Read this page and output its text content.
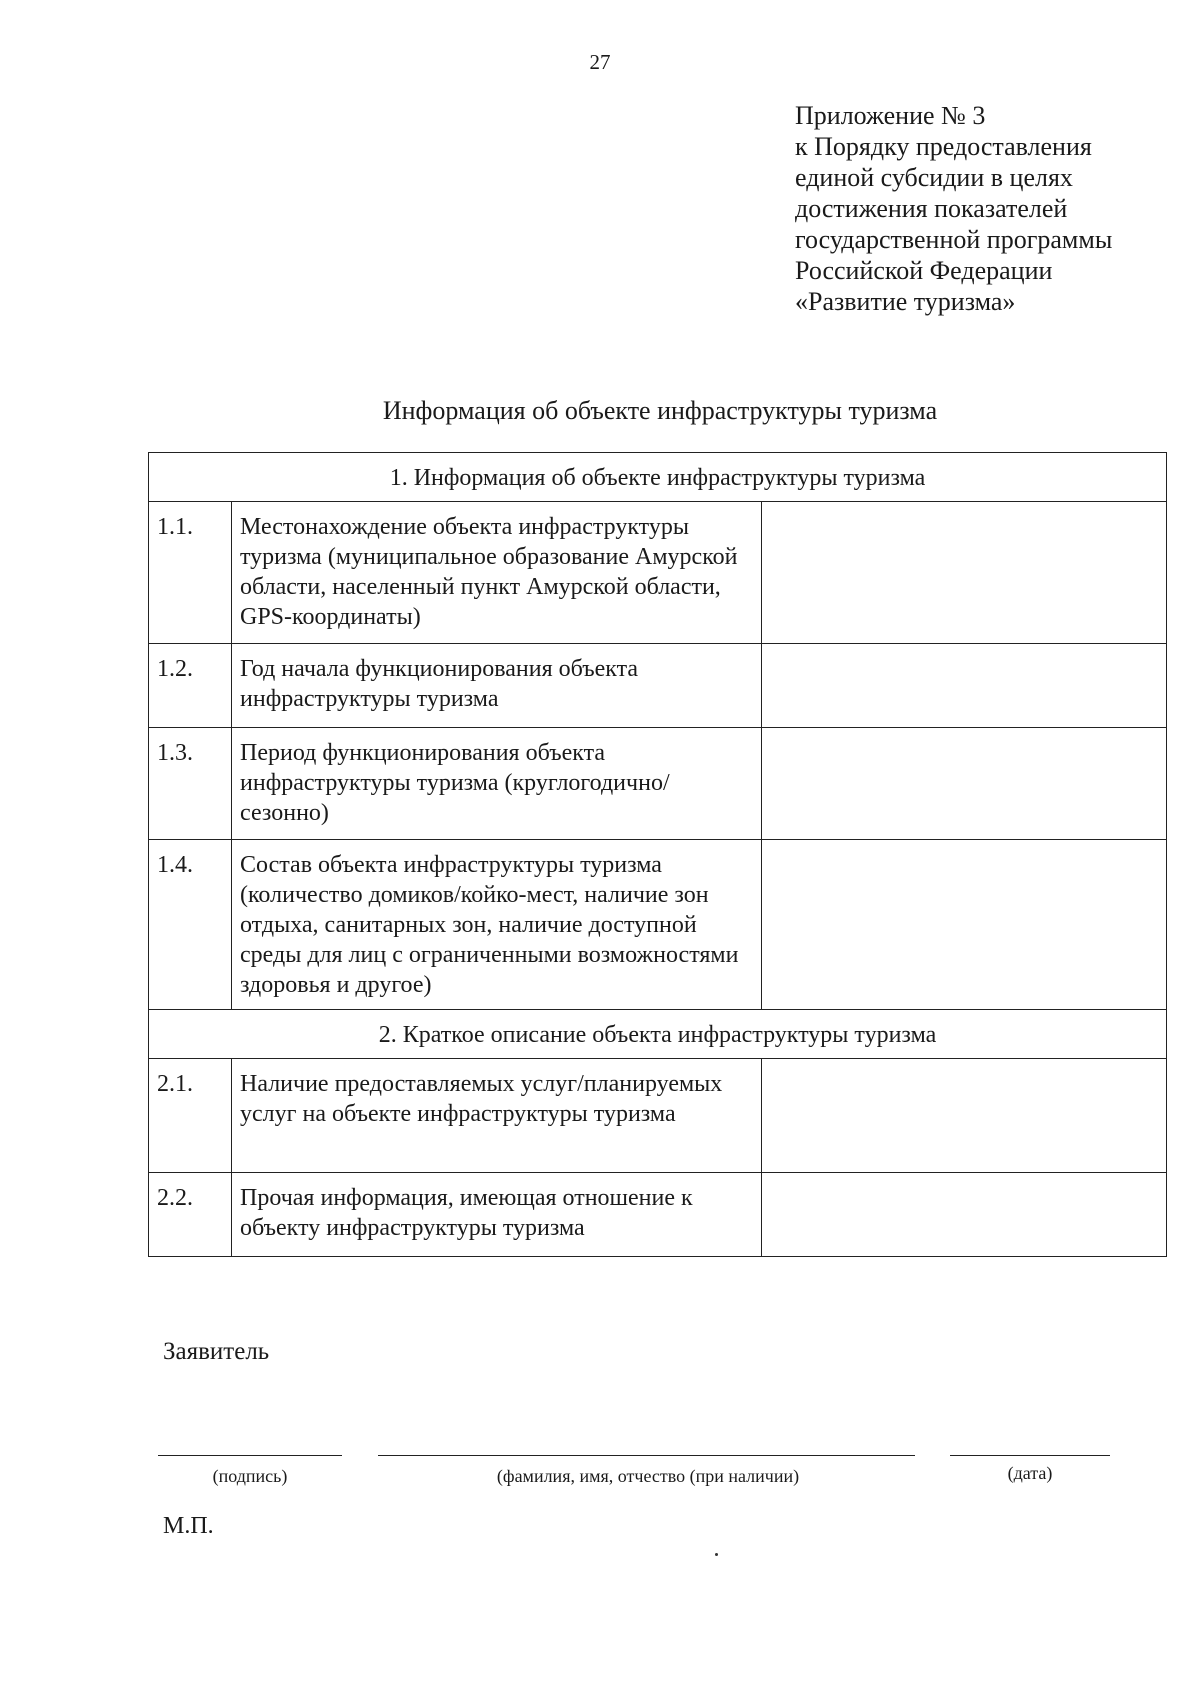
27
Приложение № 3
к Порядку предоставления
единой субсидии в целях
достижения показателей
государственной программы
Российской Федерации
«Развитие туризма»
Информация об объекте инфраструктуры туризма
1. Информация об объекте инфраструктуры туризма		
1.1.	Местонахождение объекта инфраструктуры туризма (муниципальное образование Амурской области, населенный пункт Амурской области, GPS-координаты)	
1.2.	Год начала функционирования объекта инфраструктуры туризма	
1.3.	Период функционирования объекта инфраструктуры туризма (круглогодично/сезонно)	
1.4.	Состав объекта инфраструктуры туризма (количество домиков/койко-мест, наличие зон отдыха, санитарных зон, наличие доступной среды для лиц с ограниченными возможностями здоровья и другое)	
2. Краткое описание объекта инфраструктуры туризма		
2.1.	Наличие предоставляемых услуг/планируемых услуг на объекте инфраструктуры туризма	
2.2.	Прочая информация, имеющая отношение к объекту инфраструктуры туризма	
Заявитель
(подпись)	(фамилия, имя, отчество (при наличии)	(дата)
М.П.
